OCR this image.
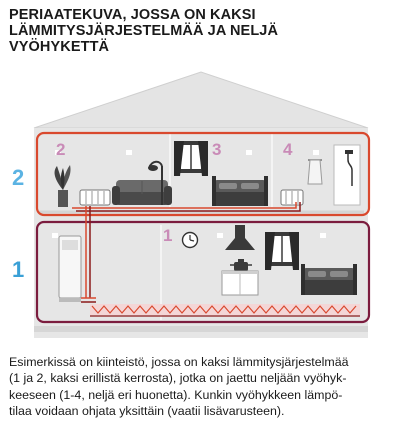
PERIAATEKUVA, JOSSA ON KAKSI
LÄMMITYSJÄRJESTELMÄÄ JA NELJÄ
VYÖHYKETTÄ
2
1
2	3	4
1
Esimerkissä on kiinteistö, jossa on kaksi lämmitysjärjestelmää
(1 ja 2, kaksi erillistä kerrosta), jotka on jaettu neljään vyöhyk-
keeseen (1-4, neljä eri huonetta). Kunkin vyöhykkeen lämpö-
tilaa voidaan ohjata yksittäin (vaatii lisävarusteen).
